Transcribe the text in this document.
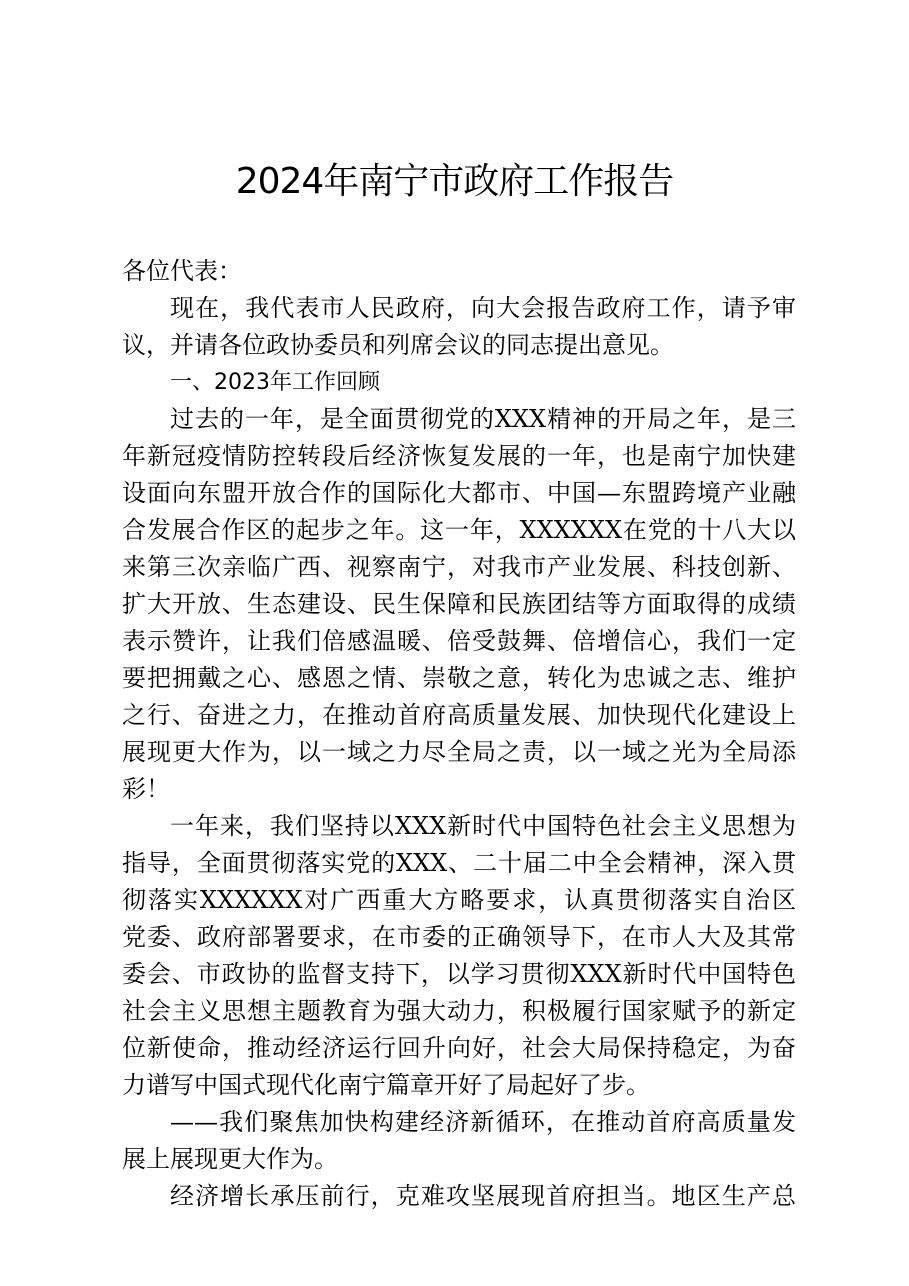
2024年南宁市政府工作报告
各位代表：
现在，我代表市人民政府，向大会报告政府工作，请予审
议，并请各位政协委员和列席会议的同志提出意见。
一、2023年工作回顾
过去的一年，是全面贯彻党的XXX精神的开局之年，是三
年新冠疫情防控转段后经济恢复发展的一年，也是南宁加快建
设面向东盟开放合作的国际化大都市、中国—东盟跨境产业融
合发展合作区的起步之年。这一年，XXXXXX在党的十八大以
来第三次亲临广西、视察南宁，对我市产业发展、科技创新、
扩大开放、生态建设、民生保障和民族团结等方面取得的成绩
表示赞许，让我们倍感温暖、倍受鼓舞、倍增信心，我们一定
要把拥戴之心、感恩之情、崇敬之意，转化为忠诚之志、维护
之行、奋进之力，在推动首府高质量发展、加快现代化建设上
展现更大作为，以一域之力尽全局之责，以一域之光为全局添
彩！
一年来，我们坚持以XXX新时代中国特色社会主义思想为
指导，全面贯彻落实党的XXX、二十届二中全会精神，深入贯
彻落实XXXXXX对广西重大方略要求，认真贯彻落实自治区
党委、政府部署要求，在市委的正确领导下，在市人大及其常
委会、市政协的监督支持下，以学习贯彻XXX新时代中国特色
社会主义思想主题教育为强大动力，积极履行国家赋予的新定
位新使命，推动经济运行回升向好，社会大局保持稳定，为奋
力谱写中国式现代化南宁篇章开好了局起好了步。
——我们聚焦加快构建经济新循环，在推动首府高质量发
展上展现更大作为。
经济增长承压前行，克难攻坚展现首府担当。地区生产总
